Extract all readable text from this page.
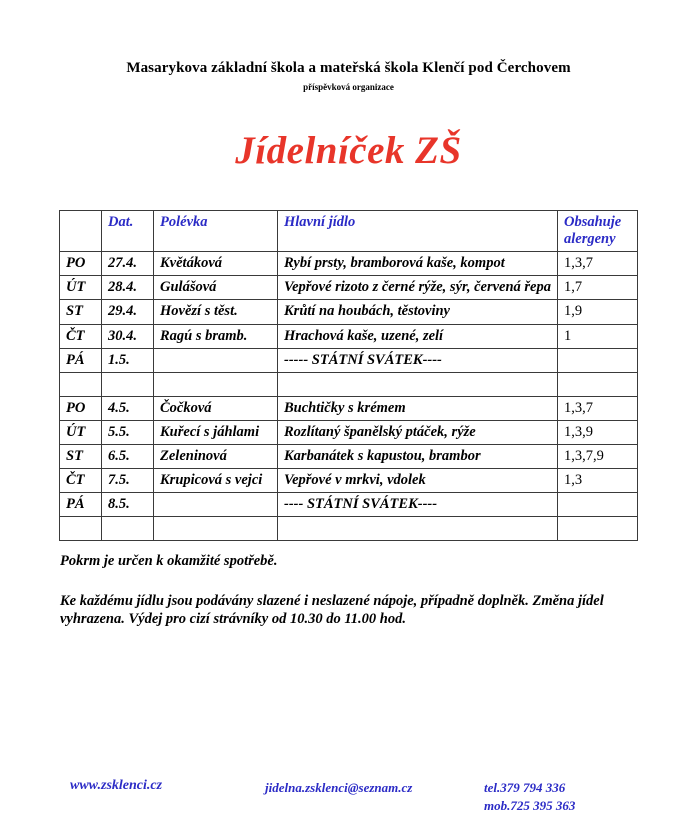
Masarykova základní škola a mateřská škola Klenčí pod Čerchovem
příspěvková organizace
Jídelníček ZŠ
	Dat.	Polévka	Hlavní jídlo	Obsahuje alergeny
PO	27.4.	Květáková	Rybí prsty, bramborová kaše, kompot	1,3,7
ÚT	28.4.	Gulášová	Vepřové rizoto z černé rýže, sýr, červená řepa	1,7
ST	29.4.	Hovězí s těst.	Krůtí na houbách, těstoviny	1,9
ČT	30.4.	Ragú s bramb.	Hrachová kaše, uzené, zelí	1
PÁ	1.5.		----- STÁTNÍ SVÁTEK----	

PO	4.5.	Čočková	Buchtičky s krémem	1,3,7
ÚT	5.5.	Kuřecí s jáhlami	Rozlítaný španělský ptáček, rýže	1,3,9
ST	6.5.	Zeleninová	Karbanátek s kapustou, brambor	1,3,7,9
ČT	7.5.	Krupicová s vejci	Vepřové v mrkvi, vdolek	1,3
PÁ	8.5.		---- STÁTNÍ SVÁTEK----	

Pokrm je určen k okamžité spotřebě.
Ke každému jídlu jsou podávány slazené i neslazené nápoje, případně doplněk. Změna jídel vyhrazena. Výdej pro cizí strávníky od 10.30 do 11.00 hod.
www.zsklenci.cz	jidelna.zsklenci@seznam.cz	tel.379 794 336
mob.725 395 363
